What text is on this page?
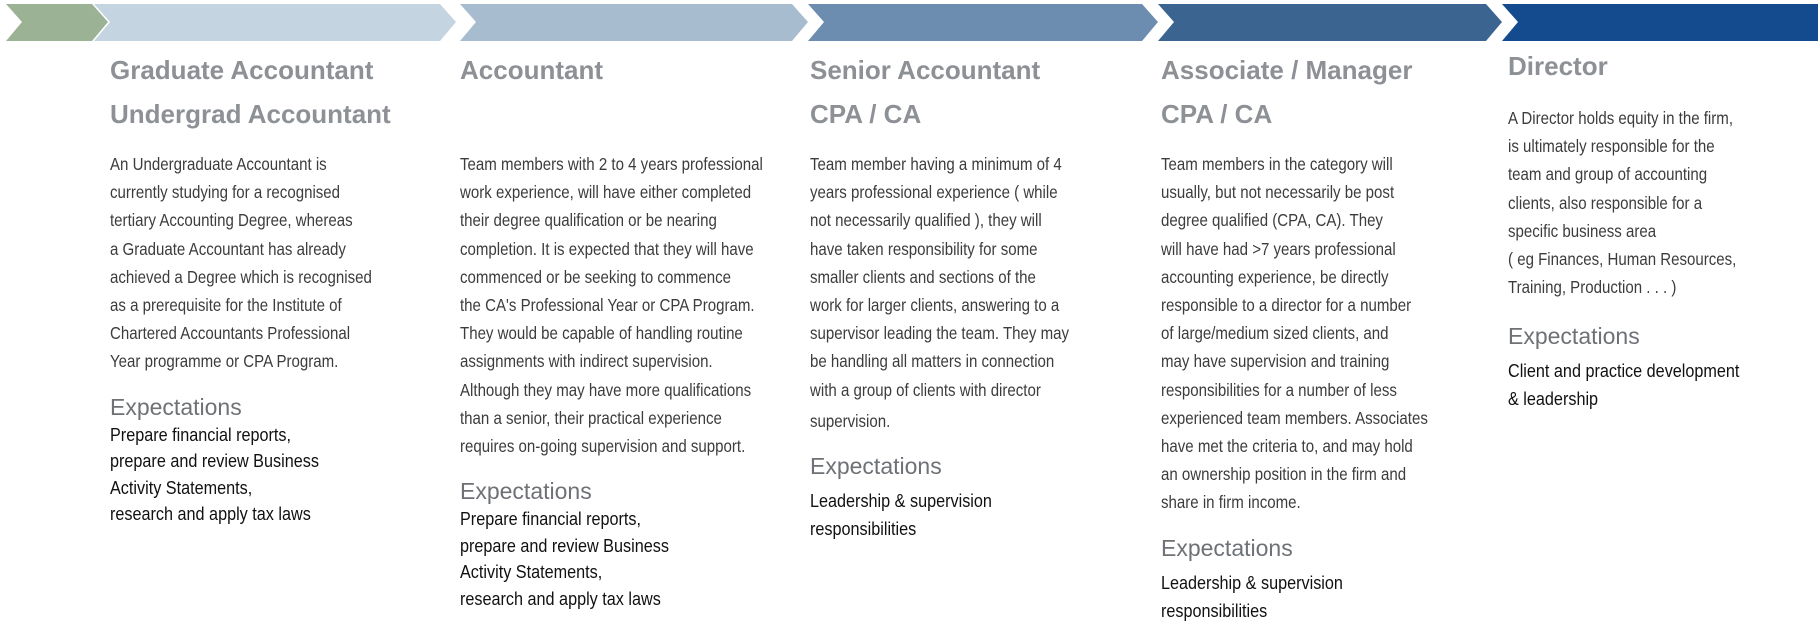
Graduate Accountant
Undergrad Accountant
An Undergraduate Accountant is
currently studying for a recognised
tertiary Accounting Degree, whereas
a Graduate Accountant has already
achieved a Degree which is recognised
as a prerequisite for the Institute of
Chartered Accountants Professional
Year programme or CPA Program.
Expectations
Prepare financial reports,
prepare and review Business
Activity Statements,
research and apply tax laws
Accountant
Team members with 2 to 4 years professional
work experience, will have either completed
their degree qualification or be nearing
completion. It is expected that they will have
commenced or be seeking to commence
the CA's Professional Year or CPA Program.
They would be capable of handling routine
assignments with indirect supervision.
Although they may have more qualifications
than a senior, their practical experience
requires on-going supervision and support.
Expectations
Prepare financial reports,
prepare and review Business
Activity Statements,
research and apply tax laws
Senior Accountant
CPA / CA
Team member having a minimum of 4
years professional experience ( while
not necessarily qualified ), they will
have taken responsibility for some
smaller clients and sections of the
work for larger clients, answering to a
supervisor leading the team. They may
be handling all matters in connection
with a group of clients with director
supervision.
Expectations
Leadership & supervision
responsibilities
Associate / Manager
CPA / CA
Team members in the category will
usually, but not necessarily be post
degree qualified (CPA, CA). They
will have had >7 years professional
accounting experience, be directly
responsible to a director for a number
of large/medium sized clients, and
may have supervision and training
responsibilities for a number of less
experienced team members. Associates
have met the criteria to, and may hold
an ownership position in the firm and
share in firm income.
Expectations
Leadership & supervision
responsibilities
Director
A Director holds equity in the firm,
is ultimately responsible for the
team and group of accounting
clients, also responsible for a
specific business area
( eg Finances, Human Resources,
Training, Production . . . )
Expectations
Client and practice development
& leadership
